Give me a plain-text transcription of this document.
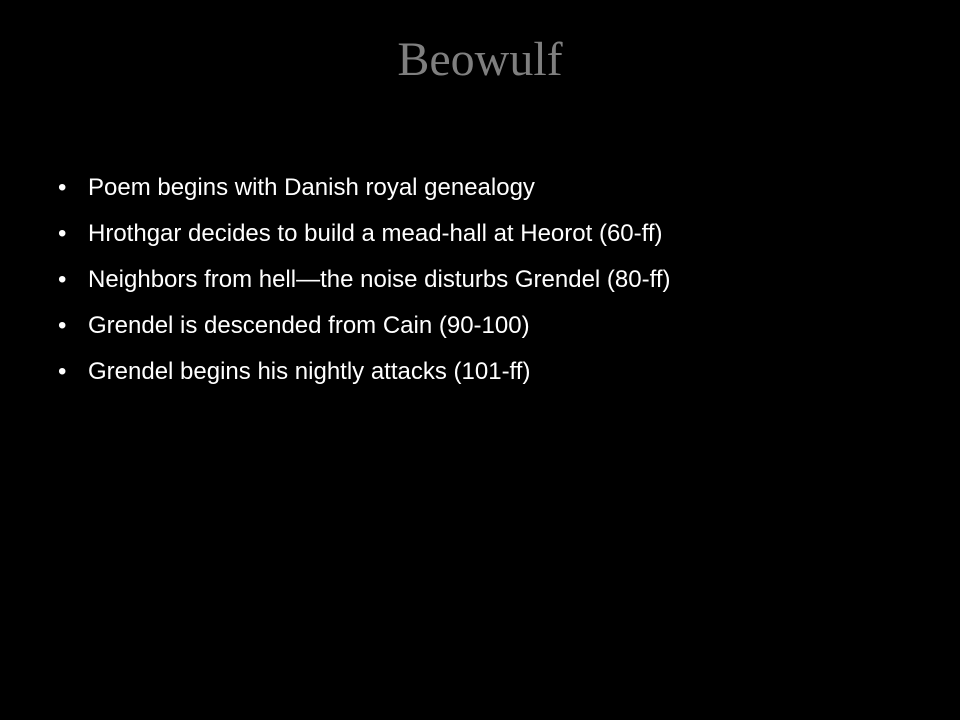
Beowulf
• Poem begins with Danish royal genealogy
• Hrothgar decides to build a mead-hall at Heorot (60-ff)
• Neighbors from hell—the noise disturbs Grendel (80-ff)
• Grendel is descended from Cain (90-100)
• Grendel begins his nightly attacks (101-ff)
